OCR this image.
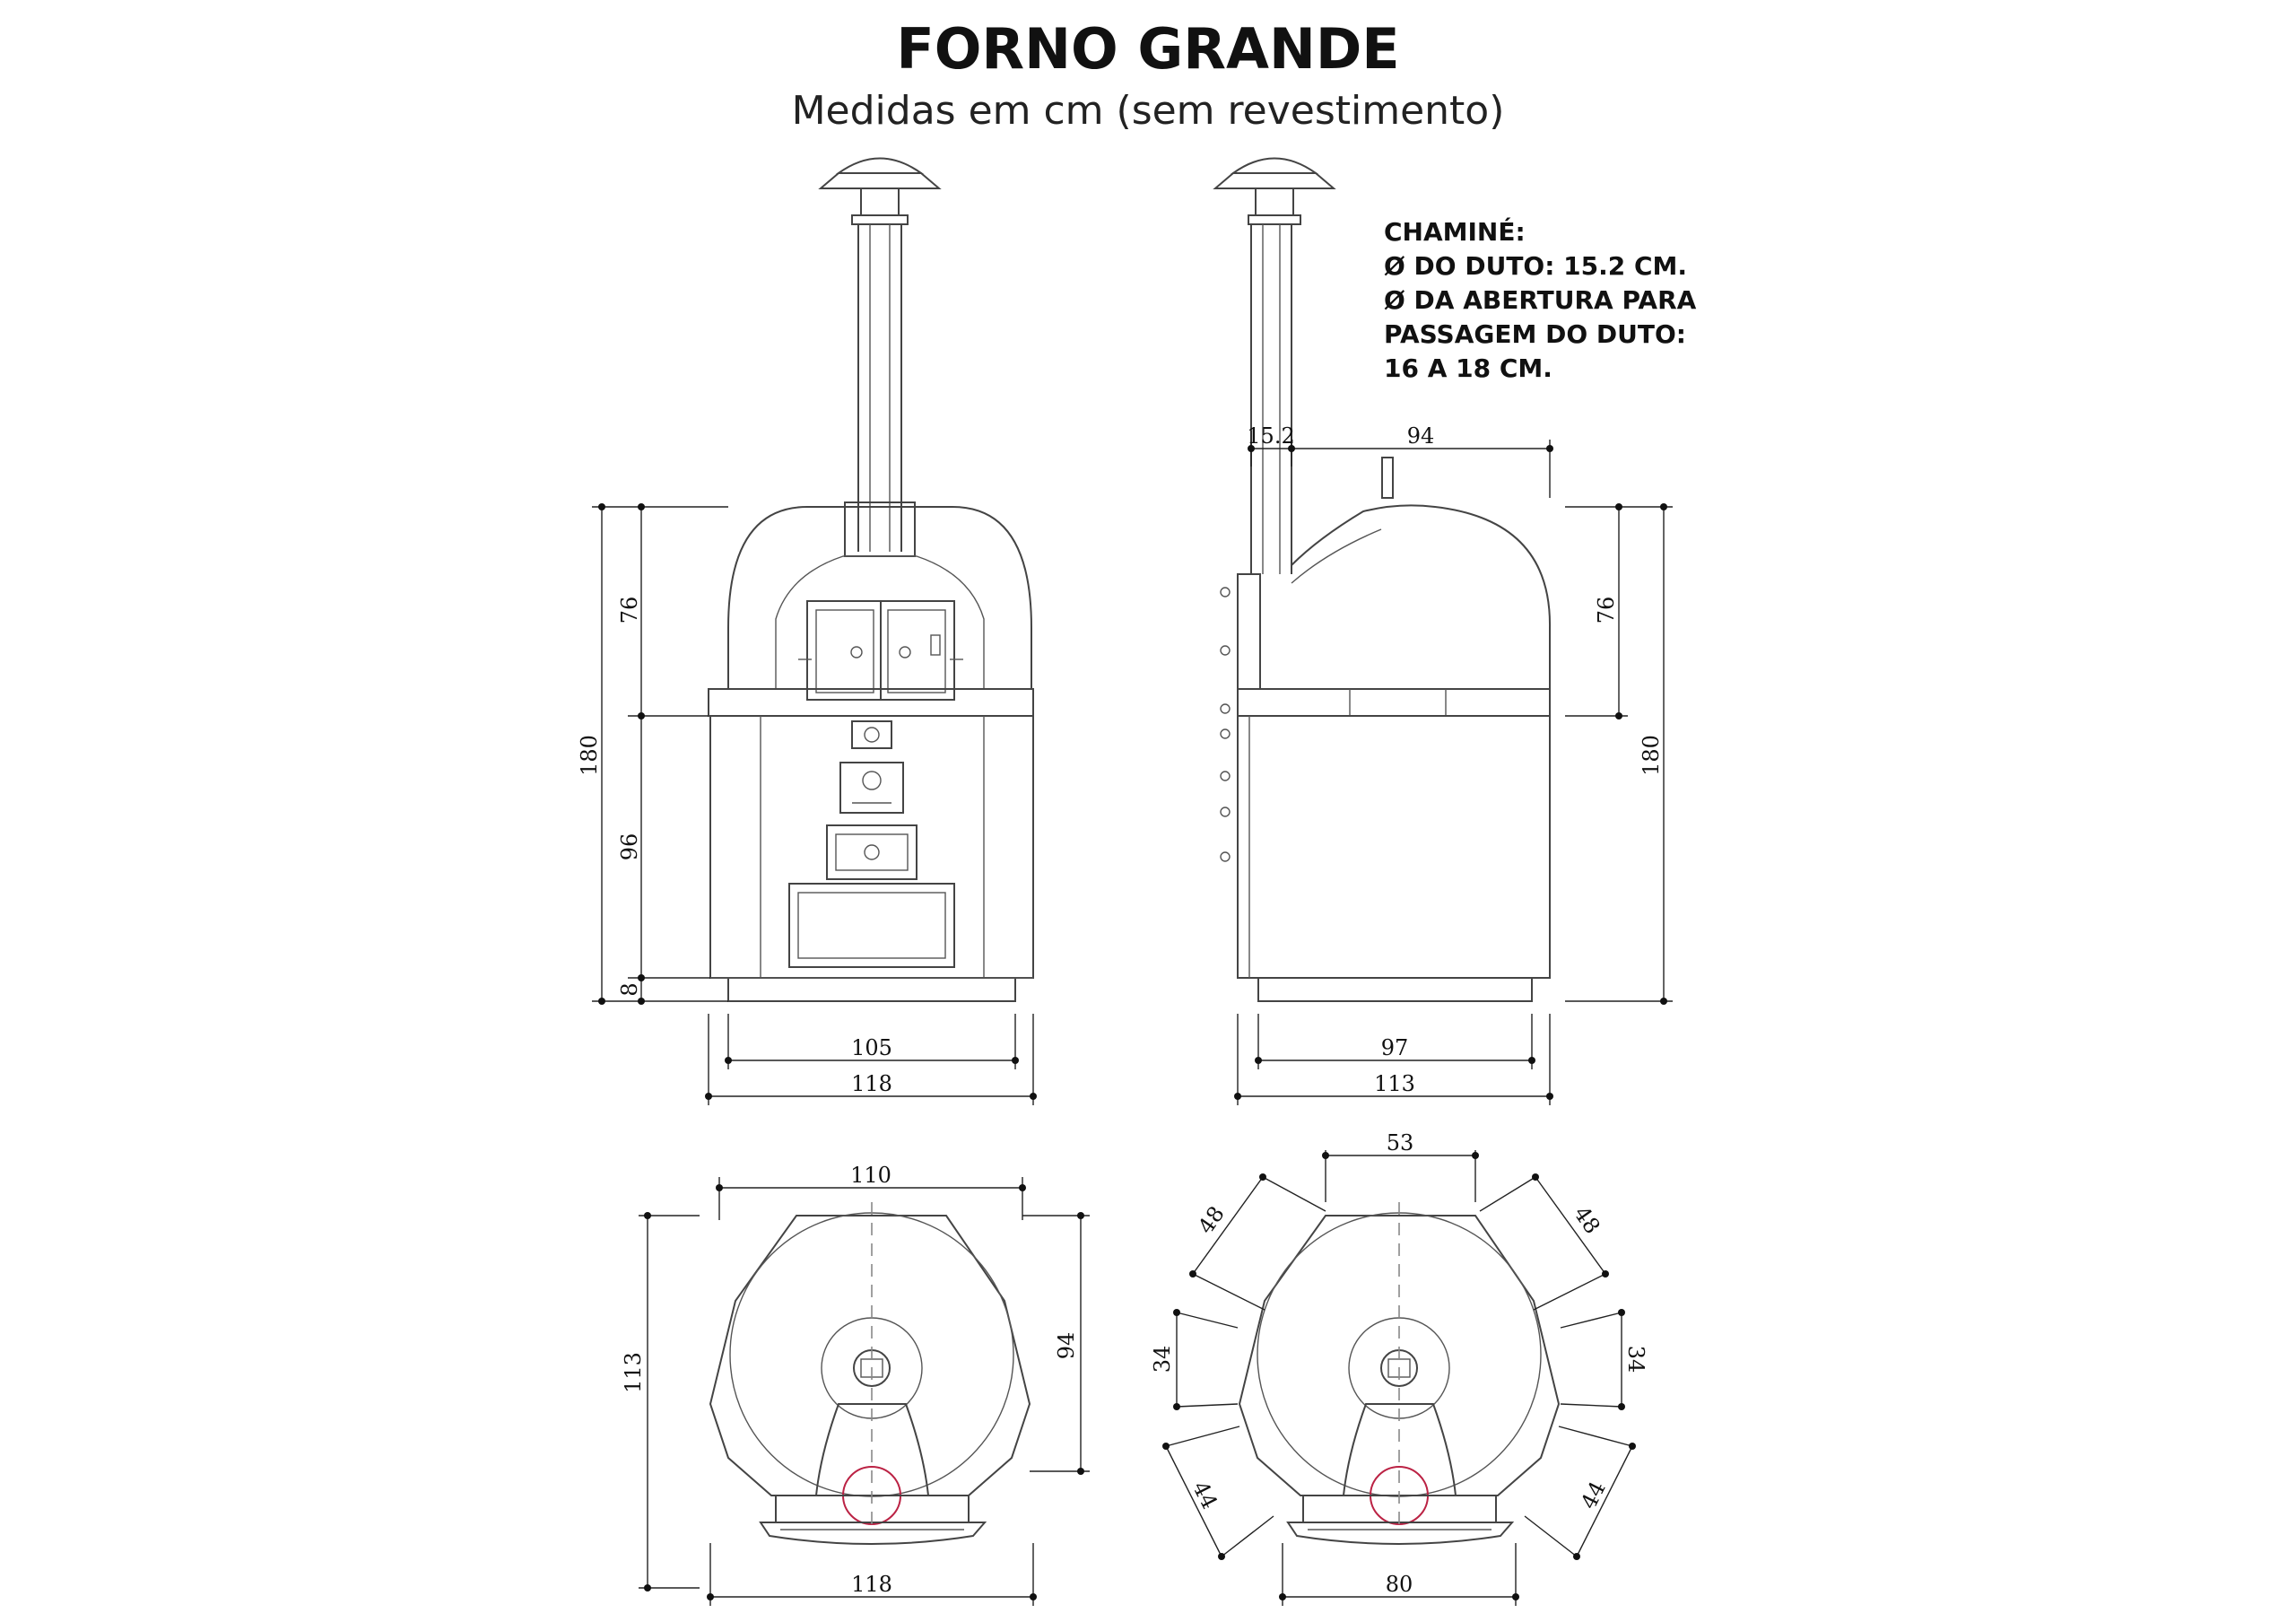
FORNO GRANDE
Medidas em cm (sem revestimento)
CHAMINÉ:
Ø DO DUTO: 15.2 CM.
Ø DA ABERTURA PARA
PASSAGEM DO DUTO:
16 A 18 CM.
76
180
96
8
105
118
15.2	94
76
180
97
113
110
113
94
118
53
48	48
34	34
44	44
80
